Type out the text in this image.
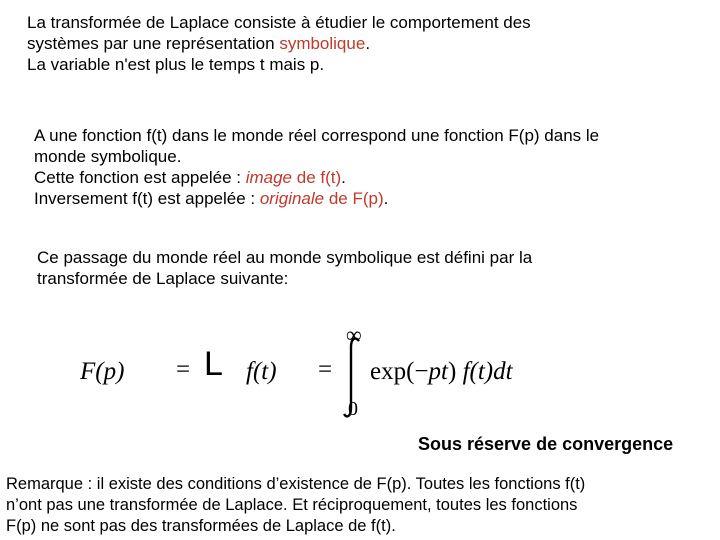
La transformée de Laplace consiste à étudier le comportement des
systèmes par une représentation symbolique.
La variable n'est plus le temps t mais p.
A une fonction f(t) dans le monde réel correspond une fonction F(p) dans le
monde symbolique.
Cette fonction est appelée : image de f(t).
Inversement f(t) est appelée : originale de F(p).
Ce passage du monde réel au monde symbolique est défini par la
transformée de Laplace suivante:
F(p) = L f(t) =
∞
0
exp(−pt) f(t)dt
Sous réserve de convergence
Remarque : il existe des conditions d’existence de F(p). Toutes les fonctions f(t)
n’ont pas une transformée de Laplace. Et réciproquement, toutes les fonctions
F(p) ne sont pas des transformées de Laplace de f(t).
